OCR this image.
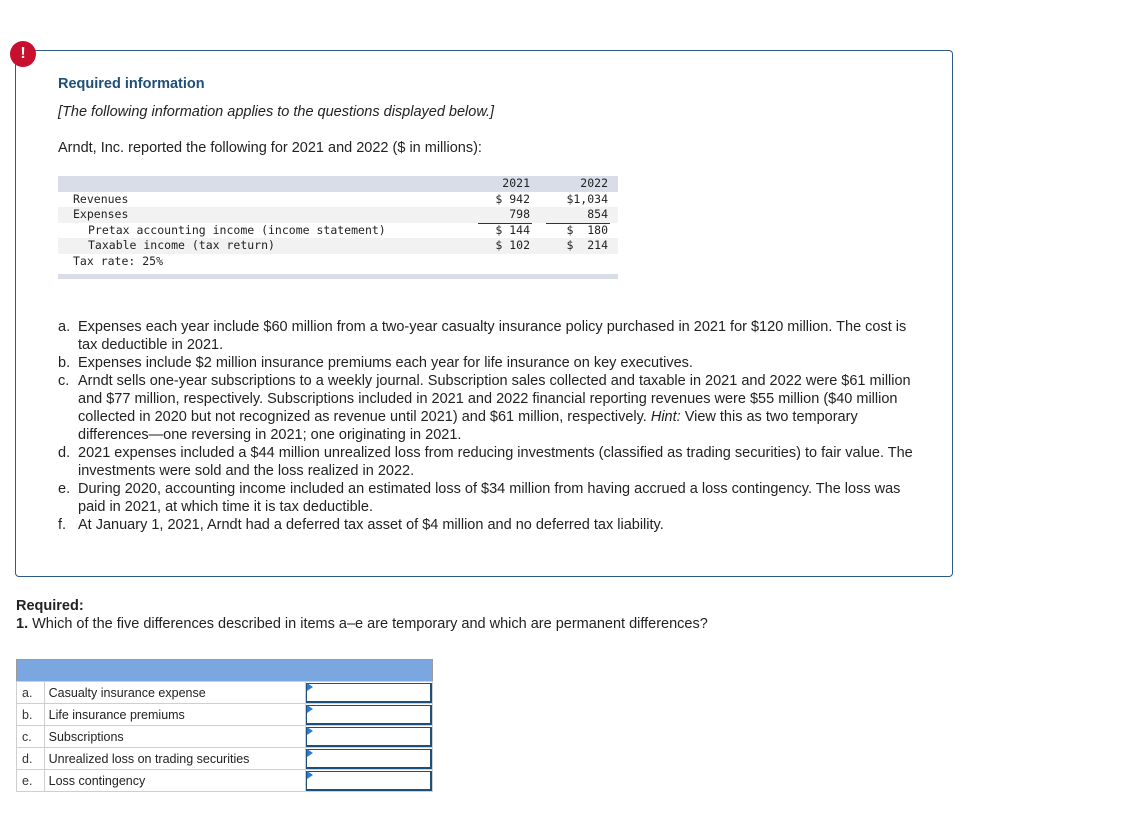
!
Required information
[The following information applies to the questions displayed below.]
Arndt, Inc. reported the following for 2021 and 2022 ($ in millions):
2021	2022
Revenues	$ 942	$1,034
Expenses	798	854
Pretax accounting income (income statement)	$ 144	$  180
Taxable income (tax return)	$ 102	$  214
Tax rate: 25%
a. Expenses each year include $60 million from a two-year casualty insurance policy purchased in 2021 for $120 million. The cost is tax deductible in 2021.
b. Expenses include $2 million insurance premiums each year for life insurance on key executives.
c. Arndt sells one-year subscriptions to a weekly journal. Subscription sales collected and taxable in 2021 and 2022 were $61 million and $77 million, respectively. Subscriptions included in 2021 and 2022 financial reporting revenues were $55 million ($40 million collected in 2020 but not recognized as revenue until 2021) and $61 million, respectively. Hint: View this as two temporary differences—one reversing in 2021; one originating in 2021.
d. 2021 expenses included a $44 million unrealized loss from reducing investments (classified as trading securities) to fair value. The investments were sold and the loss realized in 2022.
e. During 2020, accounting income included an estimated loss of $34 million from having accrued a loss contingency. The loss was paid in 2021, at which time it is tax deductible.
f. At January 1, 2021, Arndt had a deferred tax asset of $4 million and no deferred tax liability.
Required:
1. Which of the five differences described in items a–e are temporary and which are permanent differences?

a.	Casualty insurance expense	

b.	Life insurance premiums	

c.	Subscriptions	

d.	Unrealized loss on trading securities	

e.	Loss contingency	
